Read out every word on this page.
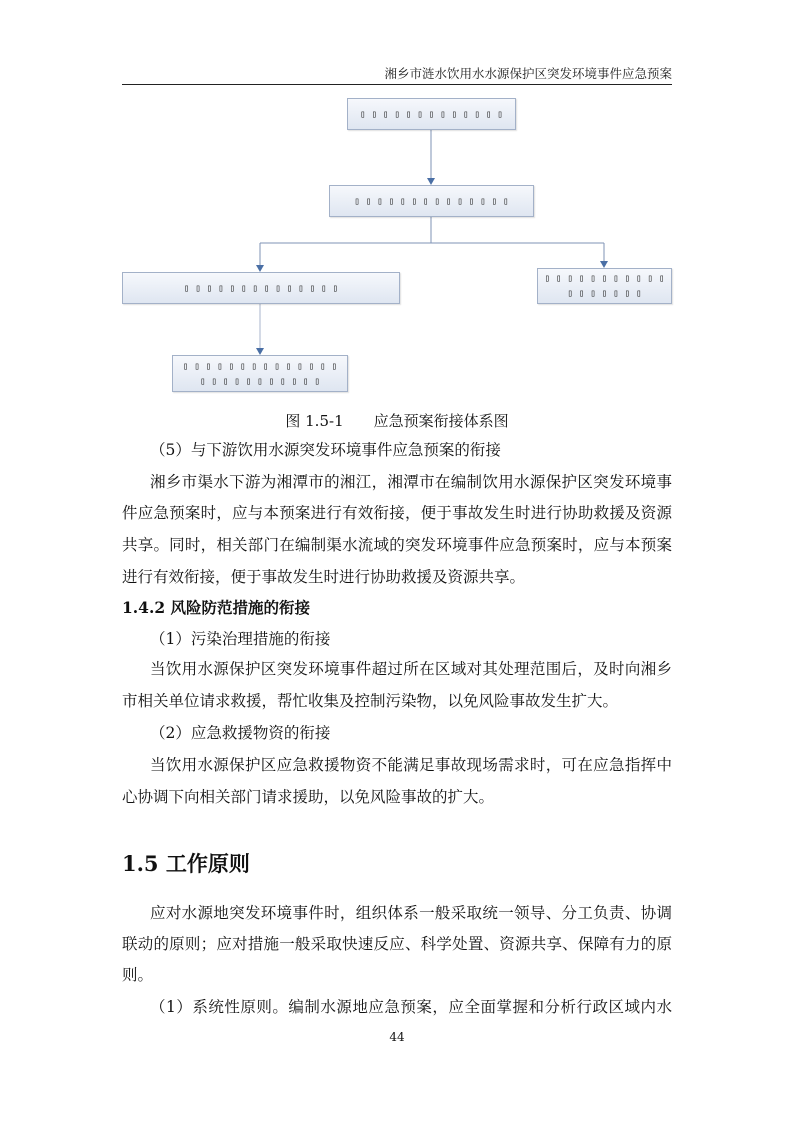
湘乡市涟水饮用水水源保护区突发环境事件应急预案
▯ ▯ ▯ ▯ ▯ ▯ ▯ ▯ ▯ ▯ ▯ ▯ ▯
▯ ▯ ▯ ▯ ▯ ▯ ▯ ▯ ▯ ▯ ▯ ▯ ▯ ▯
▯ ▯ ▯ ▯ ▯ ▯ ▯ ▯ ▯ ▯ ▯ ▯ ▯ ▯
▯ ▯ ▯ ▯ ▯ ▯ ▯ ▯ ▯ ▯ ▯
▯ ▯ ▯ ▯ ▯ ▯ ▯
▯ ▯ ▯ ▯ ▯ ▯ ▯ ▯ ▯ ▯ ▯ ▯ ▯ ▯
▯ ▯ ▯ ▯ ▯ ▯ ▯ ▯ ▯ ▯ ▯
图 1.5-1　　应急预案衔接体系图
（5）与下游饮用水源突发环境事件应急预案的衔接
湘乡市渠水下游为湘潭市的湘江，湘潭市在编制饮用水源保护区突发环境事
件应急预案时，应与本预案进行有效衔接，便于事故发生时进行协助救援及资源
共享。同时，相关部门在编制渠水流域的突发环境事件应急预案时，应与本预案
进行有效衔接，便于事故发生时进行协助救援及资源共享。
1.4.2 风险防范措施的衔接
（1）污染治理措施的衔接
当饮用水源保护区突发环境事件超过所在区域对其处理范围后，及时向湘乡
市相关单位请求救援，帮忙收集及控制污染物，以免风险事故发生扩大。
（2）应急救援物资的衔接
当饮用水源保护区应急救援物资不能满足事故现场需求时，可在应急指挥中
心协调下向相关部门请求援助，以免风险事故的扩大。
1.5 工作原则
应对水源地突发环境事件时，组织体系一般采取统一领导、分工负责、协调
联动的原则；应对措施一般采取快速反应、科学处置、资源共享、保障有力的原
则。
（1）系统性原则。编制水源地应急预案，应全面掌握和分析行政区域内水
44
